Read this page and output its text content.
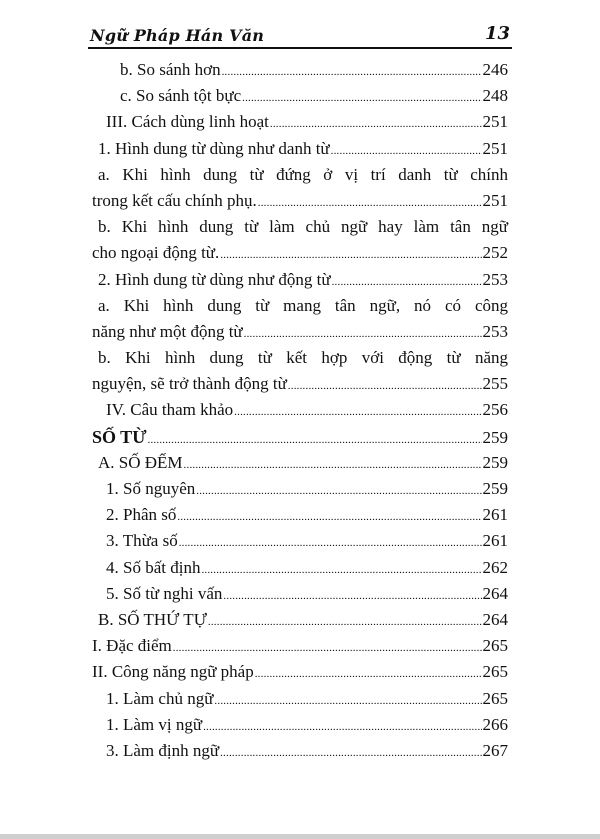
Ngữ Pháp Hán Văn	13
b. So sánh hơn .....	246
c. So sánh tột bực .....	248
III. Cách dùng linh hoạt .....	251
1. Hình dung từ dùng như danh từ .....	251
a. Khi hình dung từ đứng ở vị trí danh từ chính
trong kết cấu chính phụ. .....	251
b. Khi hình dung từ làm chủ ngữ hay làm tân ngữ
cho ngoại động từ. .....	252
2. Hình dung từ dùng như động từ .....	253
a. Khi hình dung từ mang tân ngữ, nó có công
năng như một động từ .....	253
b. Khi hình dung từ kết hợp với động từ năng
nguyện, sẽ trở thành động từ .....	255
IV. Câu tham khảo .....	256
SỐ TỪ .....	259
A. SỐ ĐẾM .....	259
1. Số nguyên .....	259
2. Phân số .....	261
3. Thừa số .....	261
4. Số bất định .....	262
5. Số từ nghi vấn .....	264
B. SỐ THỨ TỰ .....	264
I. Đặc điểm .....	265
II. Công năng ngữ pháp .....	265
1. Làm chủ ngữ .....	265
1. Làm vị ngữ .....	266
3. Làm định ngữ .....	267
